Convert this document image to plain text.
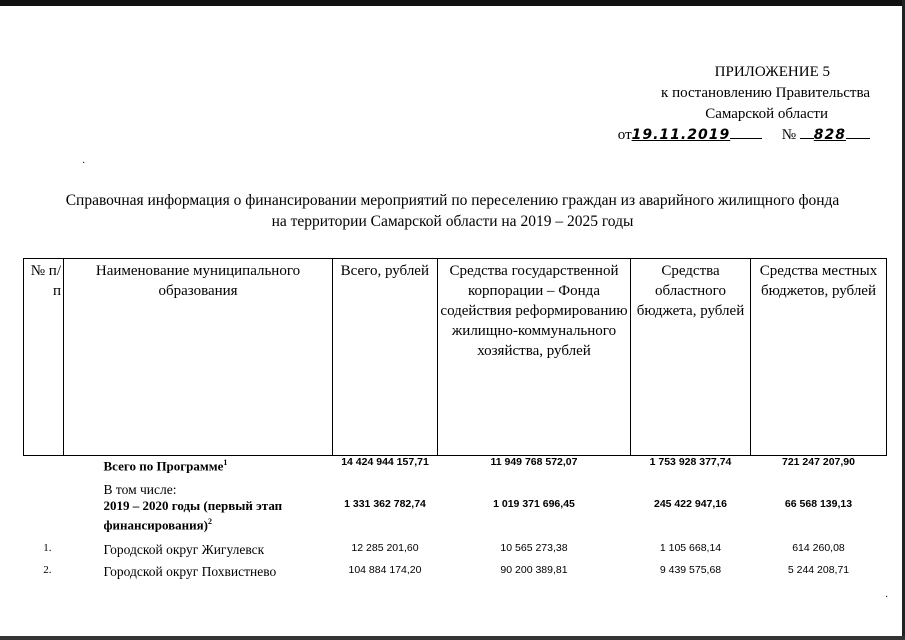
·
·
ПРИЛОЖЕНИЕ 5
к постановлению Правительства
Самарской области
от19.11.2019	№ 828
Справочная информация о финансировании мероприятий по переселению граждан из аварийного жилищного фонда
на территории Самарской области на 2019 – 2025 годы
№ п/п	Наименование муниципального образования	Всего, рублей	Средства государственной корпорации – Фонда содействия реформированию жилищно-коммунального хозяйства, рублей	Средства областного бюджета, рублей	Средства местных бюджетов, рублей
	Всего по Программе$^1$	14 424 944 157,71	11 949 768 572,07	1 753 928 377,74	721 247 207,90

	В том числе:
2019 – 2020 годы (первый этап финансирования)$^2$	1 331 362 782,74	1 019 371 696,45	245 422 947,16	66 568 139,13
1.	Городской округ Жигулевск	12 285 201,60	10 565 273,38	1 105 668,14	614 260,08
2.	Городской округ Похвистнево	104 884 174,20	90 200 389,81	9 439 575,68	5 244 208,71
